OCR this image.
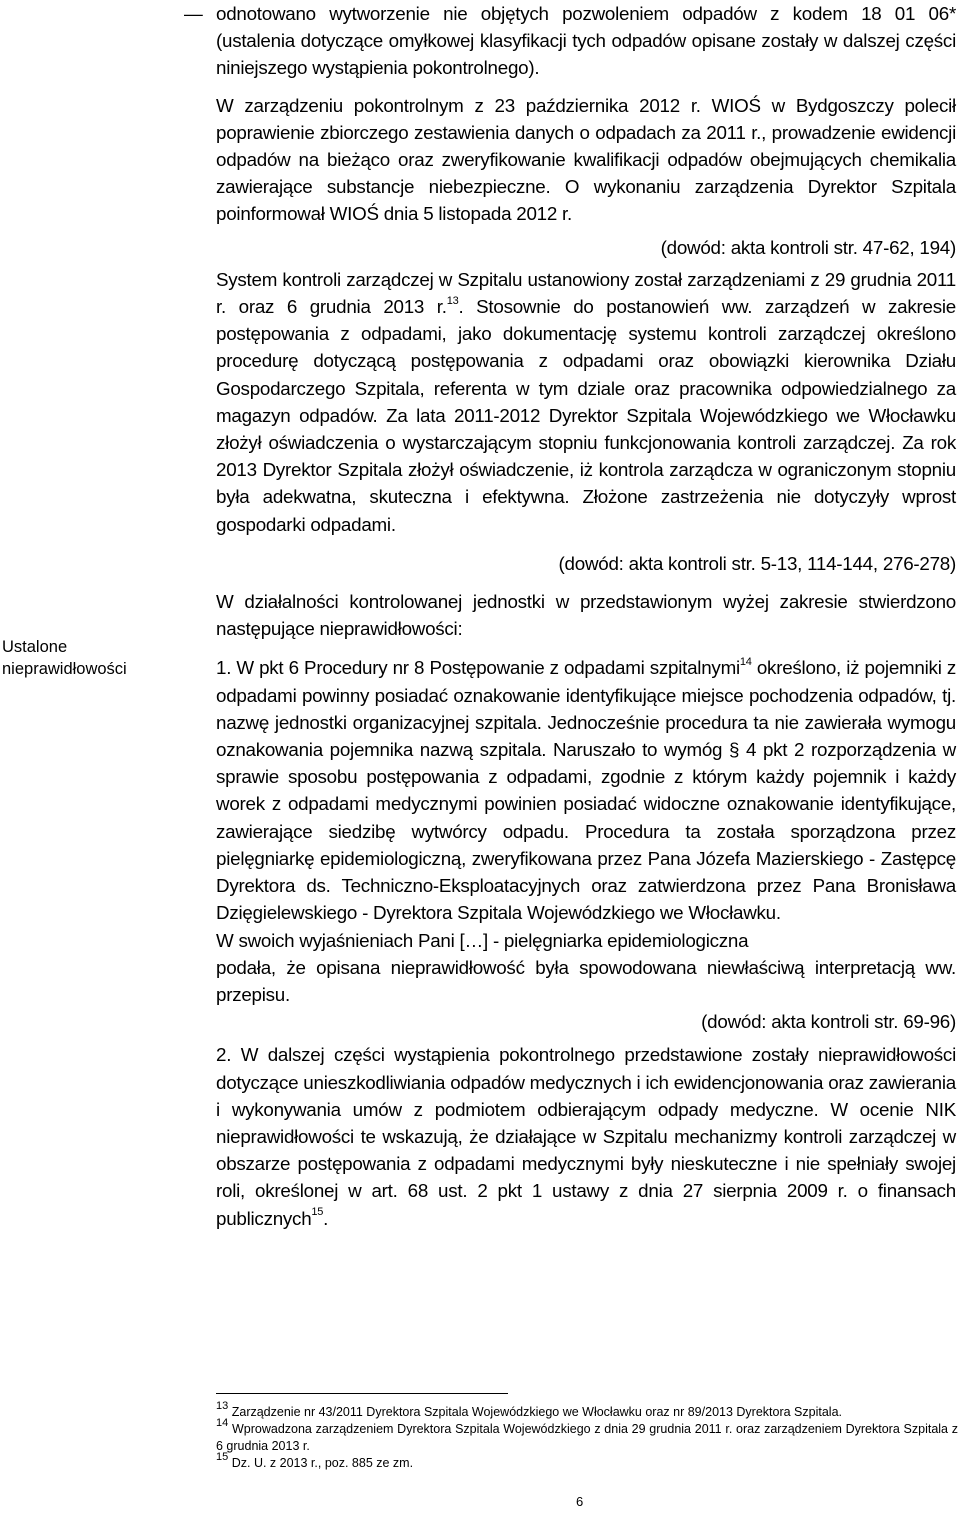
Ustalone nieprawidłowości

— odnotowano wytworzenie nie objętych pozwoleniem odpadów z kodem 18 01 06* (ustalenia dotyczące omyłkowej klasyfikacji tych odpadów opisane zostały w dalszej części niniejszego wystąpienia pokontrolnego).

W zarządzeniu pokontrolnym z 23 października 2012 r. WIOŚ w Bydgoszczy polecił poprawienie zbiorczego zestawienia danych o odpadach za 2011 r., prowadzenie ewidencji odpadów na bieżąco oraz zweryfikowanie kwalifikacji odpadów obejmujących chemikalia zawierające substancje niebezpieczne. O wykonaniu zarządzenia Dyrektor Szpitala poinformował WIOŚ dnia 5 listopada 2012 r.

(dowód: akta kontroli str. 47-62, 194)

System kontroli zarządczej w Szpitalu ustanowiony został zarządzeniami z 29 grudnia 2011 r. oraz 6 grudnia 2013 r.$^{13}$. Stosownie do postanowień ww. zarządzeń w zakresie postępowania z odpadami, jako dokumentację systemu kontroli zarządczej określono procedurę dotyczącą postępowania z odpadami oraz obowiązki kierownika Działu Gospodarczego Szpitala, referenta w tym dziale oraz pracownika odpowiedzialnego za magazyn odpadów. Za lata 2011-2012 Dyrektor Szpitala Wojewódzkiego we Włocławku złożył oświadczenia o wystarczającym stopniu funkcjonowania kontroli zarządczej. Za rok 2013 Dyrektor Szpitala złożył oświadczenie, iż kontrola zarządcza w ograniczonym stopniu była adekwatna, skuteczna i efektywna. Złożone zastrzeżenia nie dotyczyły wprost gospodarki odpadami.

(dowód: akta kontroli str. 5-13, 114-144, 276-278)

W działalności kontrolowanej jednostki w przedstawionym wyżej zakresie stwierdzono następujące nieprawidłowości:

1. W pkt 6 Procedury nr 8 Postępowanie z odpadami szpitalnymi$^{14}$ określono, iż pojemniki z odpadami powinny posiadać oznakowanie identyfikujące miejsce pochodzenia odpadów, tj. nazwę jednostki organizacyjnej szpitala. Jednocześnie procedura ta nie zawierała wymogu oznakowania pojemnika nazwą szpitala. Naruszało to wymóg § 4 pkt 2 rozporządzenia w sprawie sposobu postępowania z odpadami, zgodnie z którym każdy pojemnik i każdy worek z odpadami medycznymi powinien posiadać widoczne oznakowanie identyfikujące, zawierające siedzibę wytwórcy odpadu. Procedura ta została sporządzona przez pielęgniarkę epidemiologiczną, zweryfikowana przez Pana Józefa Mazierskiego - Zastępcę Dyrektora ds. Techniczno-Eksploatacyjnych oraz zatwierdzona przez Pana Bronisława Dzięgielewskiego - Dyrektora Szpitala Wojewódzkiego we Włocławku.

W swoich wyjaśnieniach Pani […] - pielęgniarka epidemiologiczna

podała, że opisana nieprawidłowość była spowodowana niewłaściwą interpretacją ww. przepisu.

(dowód: akta kontroli str. 69-96)

2. W dalszej części wystąpienia pokontrolnego przedstawione zostały nieprawidłowości dotyczące unieszkodliwiania odpadów medycznych i ich ewidencjonowania oraz zawierania i wykonywania umów z podmiotem odbierającym odpady medyczne. W ocenie NIK nieprawidłowości te wskazują, że działające w Szpitalu mechanizmy kontroli zarządczej w obszarze postępowania z odpadami medycznymi były nieskuteczne i nie spełniały swojej roli, określonej w art. 68 ust. 2 pkt 1 ustawy z dnia 27 sierpnia 2009 r. o finansach publicznych$^{15}$.

$^{13}$ Zarządzenie nr 43/2011 Dyrektora Szpitala Wojewódzkiego we Włocławku oraz nr 89/2013 Dyrektora Szpitala.

$^{14}$ Wprowadzona zarządzeniem Dyrektora Szpitala Wojewódzkiego z dnia 29 grudnia 2011 r. oraz zarządzeniem Dyrektora Szpitala z 6 grudnia 2013 r.

$^{15}$ Dz. U. z 2013 r., poz. 885 ze zm.

6
